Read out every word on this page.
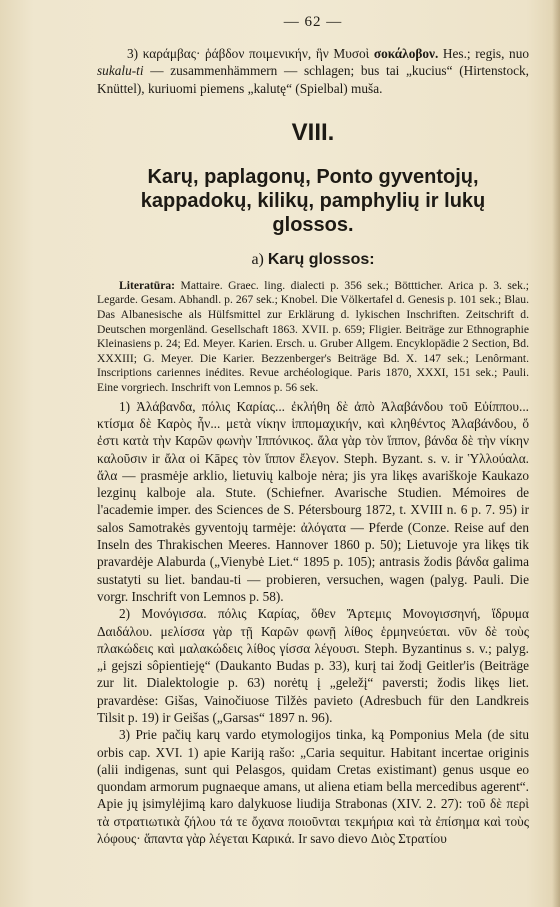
— 62 —

3) καράμβας· ῥάβδον ποιμενικήν, ἣν Μυσοὶ σοκάλοβον. Hes.; regis, nuo sukalu-ti — zusammenhämmern — schlagen; bus tai „kucius“ (Hirtenstock, Knüttel), kuriuomi piemens „kalutę“ (Spielbal) muša.

VIII.
Karų, paplagonų, Ponto gyventojų, kappadokų, kilikų, pamphylių ir lukų glossos.
a) Karų glossos:

Literatūra: Mattaire. Graec. ling. dialecti p. 356 sek.; Böttticher. Arica p. 3. sek.; Legarde. Gesam. Abhandl. p. 267 sek.; Knobel. Die Völkertafel d. Genesis p. 101 sek.; Blau. Das Albanesische als Hülfsmittel zur Erklärung d. lykischen Inschriften. Zeitschrift d. Deutschen morgenländ. Gesellschaft 1863. XVII. p. 659; Fligier. Beiträge zur Ethnographie Kleinasiens p. 24; Ed. Meyer. Karien. Ersch. u. Gruber Allgem. Encyklopädie 2 Section, Bd. XXXIII; G. Meyer. Die Karier. Bezzenberger's Beiträge Bd. X. 147 sek.; Lenôrmant. Inscriptions cariennes inédites. Revue archéologique. Paris 1870, XXXI, 151 sek.; Pauli. Eine vorgriech. Inschrift von Lemnos p. 56 sek.

1) Ἀλάβανδα, πόλις Καρίας... ἐκλήθη δὲ ἀπὸ Ἀλαβάνδου τοῦ Εὐίππου... κτίσμα δὲ Καρὸς ἦν... μετὰ νίκην ἱππομαχικήν, καὶ κληθέντος Ἀλαβάνδου, ὅ ἐστι κατὰ τὴν Καρῶν φωνὴν Ἱππόνικος. ἄλα γὰρ τὸν ἵππον, βάνδα δὲ τὴν νίκην καλοῦσιν ir ἄλα oi Kāpες τὸν ἵππον ἔλεγον. Steph. Byzant. s. v. ir Ὑλλούαλα. ἄλα — prasmėje arklio, lietuvių kalboje nėra; jis yra likęs avariškoje Kaukazo lezginų kalboje ala. Stute. (Schiefner. Avarische Studien. Mémoires de l'academie imper. des Sciences de S. Pétersbourg 1872, t. XVIII n. 6 p. 7. 95) ir salos Samotrakės gyventojų tarmėje: ἀλόγατα — Pferde (Conze. Reise auf den Inseln des Thrakischen Meeres. Hannover 1860 p. 50); Lietuvoje yra likęs tik pravardėje Alaburda („Vienybė Liet.“ 1895 p. 105); antrasis žodis βάνδα galima sustatyti su liet. bandau-ti — probieren, versuchen, wagen (palyg. Pauli. Die vorgr. Inschrift von Lemnos p. 58).

2) Μονόγισσα. πόλις Καρίας, ὅθεν Ἄρτεμις Μονογισσηνή, ἵδρυμα Δαιδάλου. μελίσσα γὰρ τῇ Καρῶν φωνῇ λίθος ἑρμηνεύεται. νῦν δὲ τοὺς πλακώδεις καὶ μαλακώδεις λίθος γίσσα λέγουσι. Steph. Byzantinus s. v.; palyg. „i gejszi sôpientieję“ (Daukanto Budas p. 33), kurį tai žodį Geitler'is (Beiträge zur lit. Dialektologie p. 63) norėtų į „geležį“ paversti; žodis likęs liet. pravardėse: Gišas, Vainočiuose Tilžės pavieto (Adresbuch für den Landkreis Tilsit p. 19) ir Geišas („Garsas“ 1897 n. 96).

3) Prie pačių karų vardo etymologijos tinka, ką Pomponius Mela (de situ orbis cap. XVI. 1) apie Kariją rašo: „Caria sequitur. Habitant incertae originis (alii indigenas, sunt qui Pelasgos, quidam Cretas existimant) genus usque eo quondam armorum pugnaeque amans, ut aliena etiam bella mercedibus agerent“. Apie jų įsimylėjimą karo dalykuose liudija Strabonas (XIV. 2. 27): τοῦ δὲ περὶ τὰ στρατιωτικὰ ζήλου τά τε ὄχανα ποιοῦνται τεκμήρια καὶ τὰ ἐπίσημα καὶ τοὺς λόφους· ἅπαντα γὰρ λέγεται Καρικά. Ir savo dievo Διὸς Στρατίου
